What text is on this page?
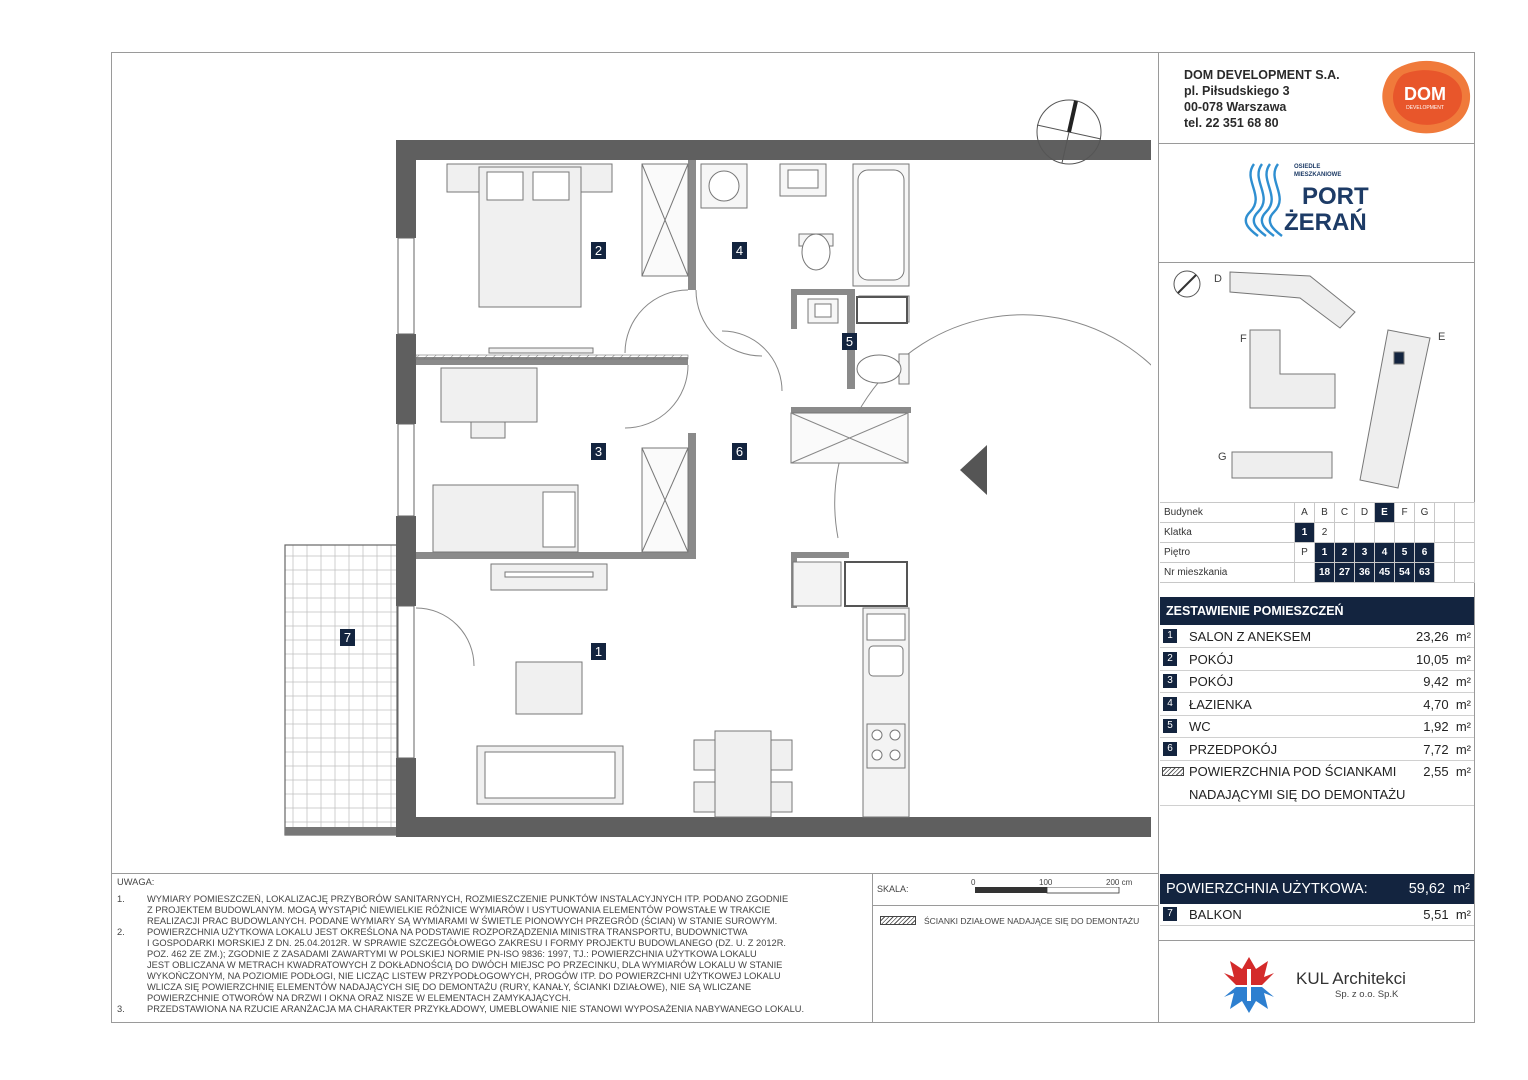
2	4
5
3	6
1
7
DOM DEVELOPMENT S.A.
pl. Piłsudskiego 3
00-078 Warszawa
tel. 22 351 68 80
DOM
DEVELOPMENT
OSIEDLE
MIESZKANIOWE
PORT
ŻERAŃ
D
E
F
G
Budynek	A	B	C	D	E	F	G		
Klatka	1	2							
Piętro	P	1	2	3	4	5	6		
Nr mieszkania		18	27	36	45	54	63		
ZESTAWIENIE POMIESZCZEŃ
1	SALON Z ANEKSEM	23,26 m²
2	POKÓJ	10,05 m²
3	POKÓJ	9,42 m²
4	ŁAZIENKA	4,70 m²
5	WC	1,92 m²
6	PRZEDPOKÓJ	7,72 m²
POWIERZCHNIA POD ŚCIANKAMI 2,55 m²
NADAJĄCYMI SIĘ DO DEMONTAŻU
POWIERZCHNIA UŻYTKOWA:	59,62 m²
7	BALKON	5,51 m²
UWAGA:
1.	WYMIARY POMIESZCZEŃ, LOKALIZACJĘ PRZYBORÓW SANITARNYCH, ROZMIESZCZENIE PUNKTÓW INSTALACYJNYCH ITP. PODANO ZGODNIE
Z PROJEKTEM BUDOWLANYM. MOGĄ WYSTĄPIĆ NIEWIELKIE RÓŻNICE WYMIARÓW I USYTUOWANIA ELEMENTÓW POWSTAŁE W TRAKCIE
REALIZACJI PRAC BUDOWLANYCH. PODANE WYMIARY SĄ WYMIARAMI W ŚWIETLE PIONOWYCH PRZEGRÓD (ŚCIAN) W STANIE SUROWYM.
2.	POWIERZCHNIA UŻYTKOWA LOKALU JEST OKREŚLONA NA PODSTAWIE ROZPORZĄDZENIA MINISTRA TRANSPORTU, BUDOWNICTWA
I GOSPODARKI MORSKIEJ Z DN. 25.04.2012R. W SPRAWIE SZCZEGÓŁOWEGO ZAKRESU I FORMY PROJEKTU BUDOWLANEGO (DZ. U. Z 2012R.
POZ. 462 ZE ZM.); ZGODNIE Z ZASADAMI ZAWARTYMI W POLSKIEJ NORMIE PN-ISO 9836: 1997, TJ.: POWIERZCHNIA UŻYTKOWA LOKALU
JEST OBLICZANA W METRACH KWADRATOWYCH Z DOKŁADNOŚCIĄ DO DWÓCH MIEJSC PO PRZECINKU, DLA WYMIARÓW LOKALU W STANIE
WYKOŃCZONYM, NA POZIOMIE PODŁOGI, NIE LICZĄC LISTEW PRZYPODŁOGOWYCH, PROGÓW ITP. DO POWIERZCHNI UŻYTKOWEJ LOKALU
WLICZA SIĘ POWIERZCHNIĘ ELEMENTÓW NADAJĄCYCH SIĘ DO DEMONTAŻU (RURY, KANAŁY, ŚCIANKI DZIAŁOWE), NIE SĄ WLICZANE
POWIERZCHNIE OTWORÓW NA DRZWI I OKNA ORAZ NISZE W ELEMENTACH ZAMYKAJĄCYCH.
3.	PRZEDSTAWIONA NA RZUCIE ARANŻACJA MA CHARAKTER PRZYKŁADOWY, UMEBLOWANIE NIE STANOWI WYPOSAŻENIA NABYWANEGO LOKALU.
SKALA:
0	100	200 cm
ŚCIANKI DZIAŁOWE NADAJĄCE SIĘ DO DEMONTAŻU
KUL Architekci
Sp. z o.o. Sp.K
